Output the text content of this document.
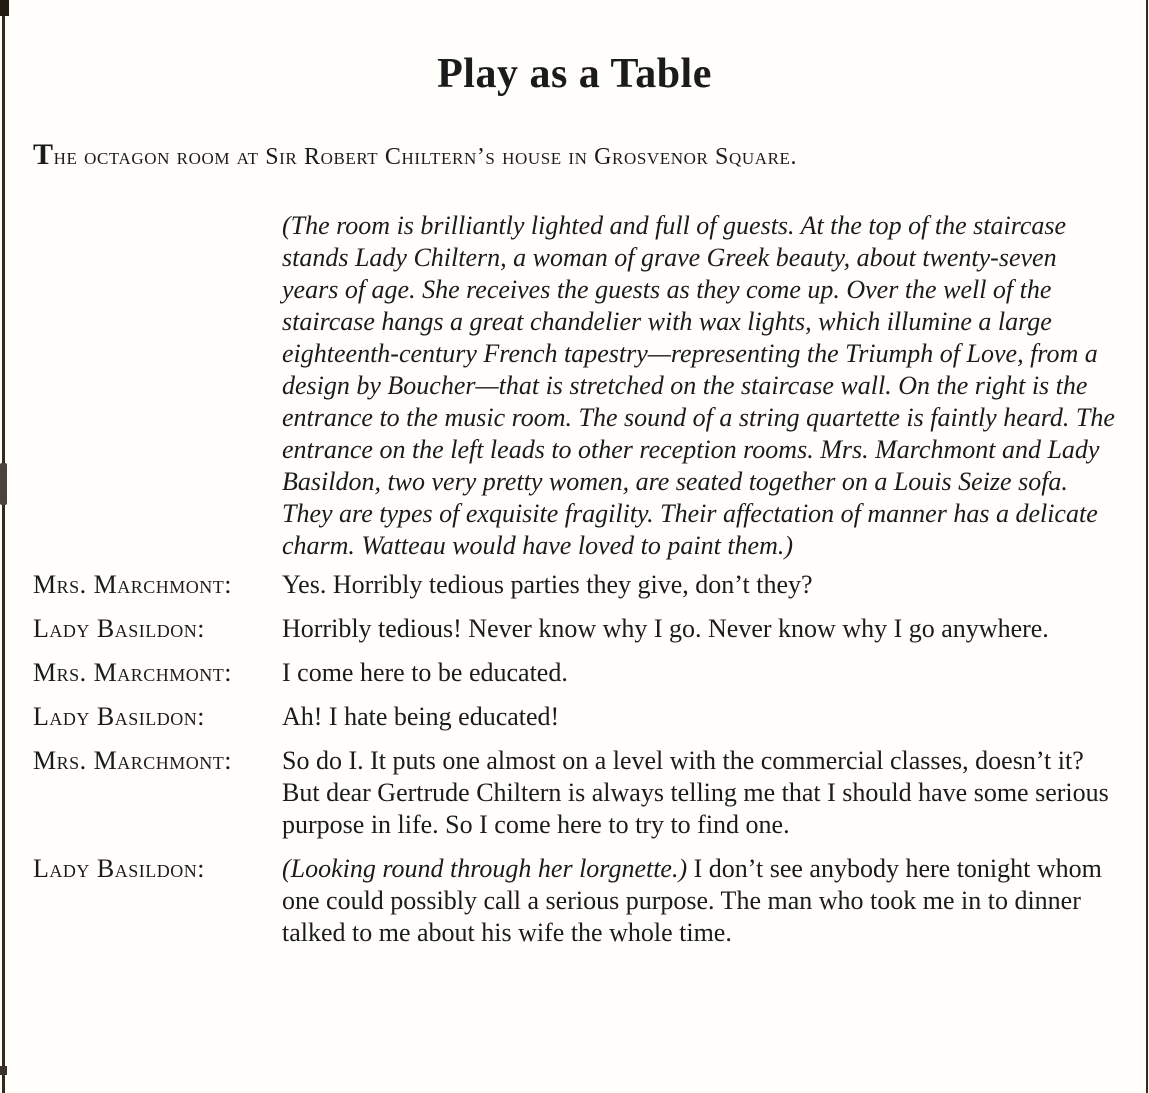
Play as a Table

The octagon room at Sir Robert Chiltern’s house in Grosvenor Square.

(The room is brilliantly lighted and full of guests. At the top of the staircase stands Lady Chiltern, a woman of grave Greek beauty, about twenty-seven years of age. She receives the guests as they come up. Over the well of the staircase hangs a great chandelier with wax lights, which illumine a large eighteenth-century French tapestry—representing the Triumph of Love, from a design by Boucher—that is stretched on the staircase wall. On the right is the entrance to the music room. The sound of a string quartette is faintly heard. The entrance on the left leads to other reception rooms. Mrs. Marchmont and Lady Basildon, two very pretty women, are seated together on a Louis Seize sofa. They are types of exquisite fragility. Their affectation of manner has a delicate charm. Watteau would have loved to paint them.)
Mrs. Marchmont:	Yes. Horribly tedious parties they give, don’t they?
Lady Basildon:	Horribly tedious! Never know why I go. Never know why I go anywhere.
Mrs. Marchmont:	I come here to be educated.
Lady Basildon:	Ah! I hate being educated!
Mrs. Marchmont:	So do I. It puts one almost on a level with the commercial classes, doesn’t it? But dear Gertrude Chiltern is always telling me that I should have some serious purpose in life. So I come here to try to find one.
Lady Basildon:	(Looking round through her lorgnette.) I don’t see anybody here tonight whom one could possibly call a serious purpose. The man who took me in to dinner talked to me about his wife the whole time.
